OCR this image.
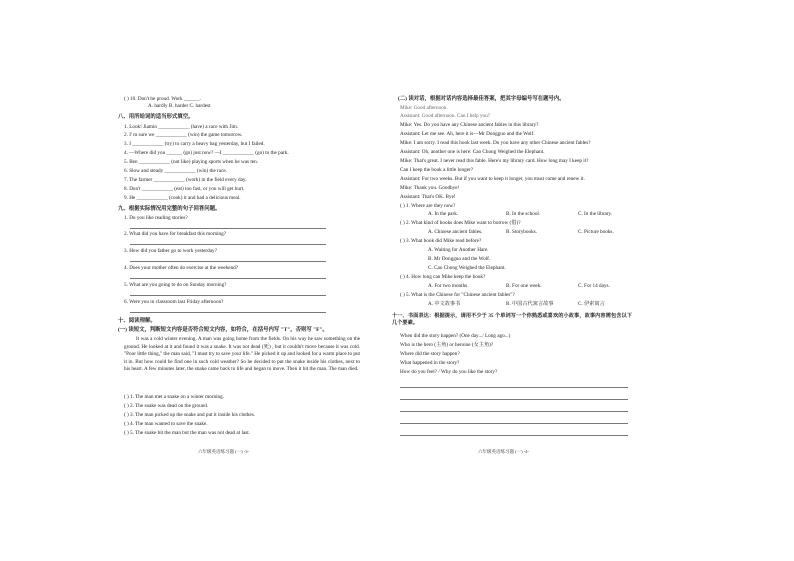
( ) 10. Don't be proud. Work ______.
A. hardly B. harder C. hardest
八、用所给词的适当形式填空。
1. Look! Jiamin ____________ (have) a race with Jim.
2. I' m sure we ____________ (win) the game tomorrow.
3. I ____________ (try) to carry a heavy bag yesterday, but I failed.
4. —Where did you ______ (go) just now? —I ____________ (go) to the park.
5. Ben ____________ (not like) playing sports when he was ten.
6. Slow and steady ____________ (win) the race.
7. The farmer ____________ (work) in the field every day.
8. Don't ____________ (eat) too fast, or you will get hurt.
9. He ____________ (cook) it and had a delicious meal.
九、根据实际情况用完整的句子回答问题。
1. Do you like reading stories?
2. What did you have for breakfast this morning?
3. How did you father go to work yesterday?
4. Does your mother often do exercise at the weekend?
5. What are you going to do on Sunday morning?
6. Were you in classroom last Friday afternoon?
十、阅读理解。
(一) 读短文，判断短文内容是否符合短文内容，如符合，在括号内写 "T"，否则写 "F"。
It was a cold winter evening. A man was going home from the fields. On his way he saw something on the ground. He looked at it and found it was a snake. It was not dead (死) , but it couldn't move because it was cold. "Poor little thing," the man said, "I must try to save your life." He picked it up and looked for a warm place to put it in. But how could he find one in such cold weather? So he decided to put the snake inside his clothes, next to his heart. A few minutes later, the snake came back to life and began to move. Then it bit the man. The man died.
( ) 1. The man met a snake on a winter morning.
( ) 2. The snake was dead on the ground.
( ) 3. The man picked up the snake and put it inside his clothes.
( ) 4. The man wanted to save the snake.
( ) 5. The snake bit the man but the man was not dead at last.
六年级英语练习题 (一) -3-
(二) 读对话，根据对话内容选择最佳答案，把其字母编号写在题号内。
Mike: Good afternoon.
Assistant: Good afternoon. Can I help you?
Mike: Yes. Do you have any Chinese ancient fables in this library?
Assistant: Let me see. Ah, here it is—Mr Dongguo and the Wolf.
Mike: I am sorry. I read this book last week. Do you have any other Chinese ancient fables?
Assistant: Oh, another one is here: Cao Chong Weighed the Elephant.
Mike: That's great. I never read this fable. Here's my library card. How long may I keep it?
Can I keep the book a little longer?
Assistant: For two weeks. But if you want to keep it longer, you must come and renew it.
Mike: Thank you. Goodbye!
Assistant: That's OK. Bye!
( ) 1. Where are they now?
A. In the park.	B. In the school.	C. In the library.
( ) 2. What kind of books does Mike want to borrow (借)?
A. Chinese ancient fables.	B. Storybooks.	C. Picture books.
( ) 3. What book did Mike read before?
A. Waiting for Another Hare.
B. Mr Dongguo and the Wolf.
C. Cao Chong Weighed the Elephant.
( ) 4. How long can Mike keep the book?
A. For two months.	B. For one week.	C. For 14 days.
( ) 5. What is the Chinese for "Chinese ancient fables"?
A. 中文故事书	B. 中国古代寓言故事	C. 伊索寓言
十一、书面表达：根据提示，请用不少于 35 个单词写一个你熟悉或喜欢的小故事，故事内容需包含以下几个要素。
When did the story happen? (One day.../ Long ago...)
Who is the hero (主角) or heroine (女主角)?
Where did the story happen?
What happened in the story?
How do you feel? / Why do you like the story?
六年级英语练习题 (一) -4-
